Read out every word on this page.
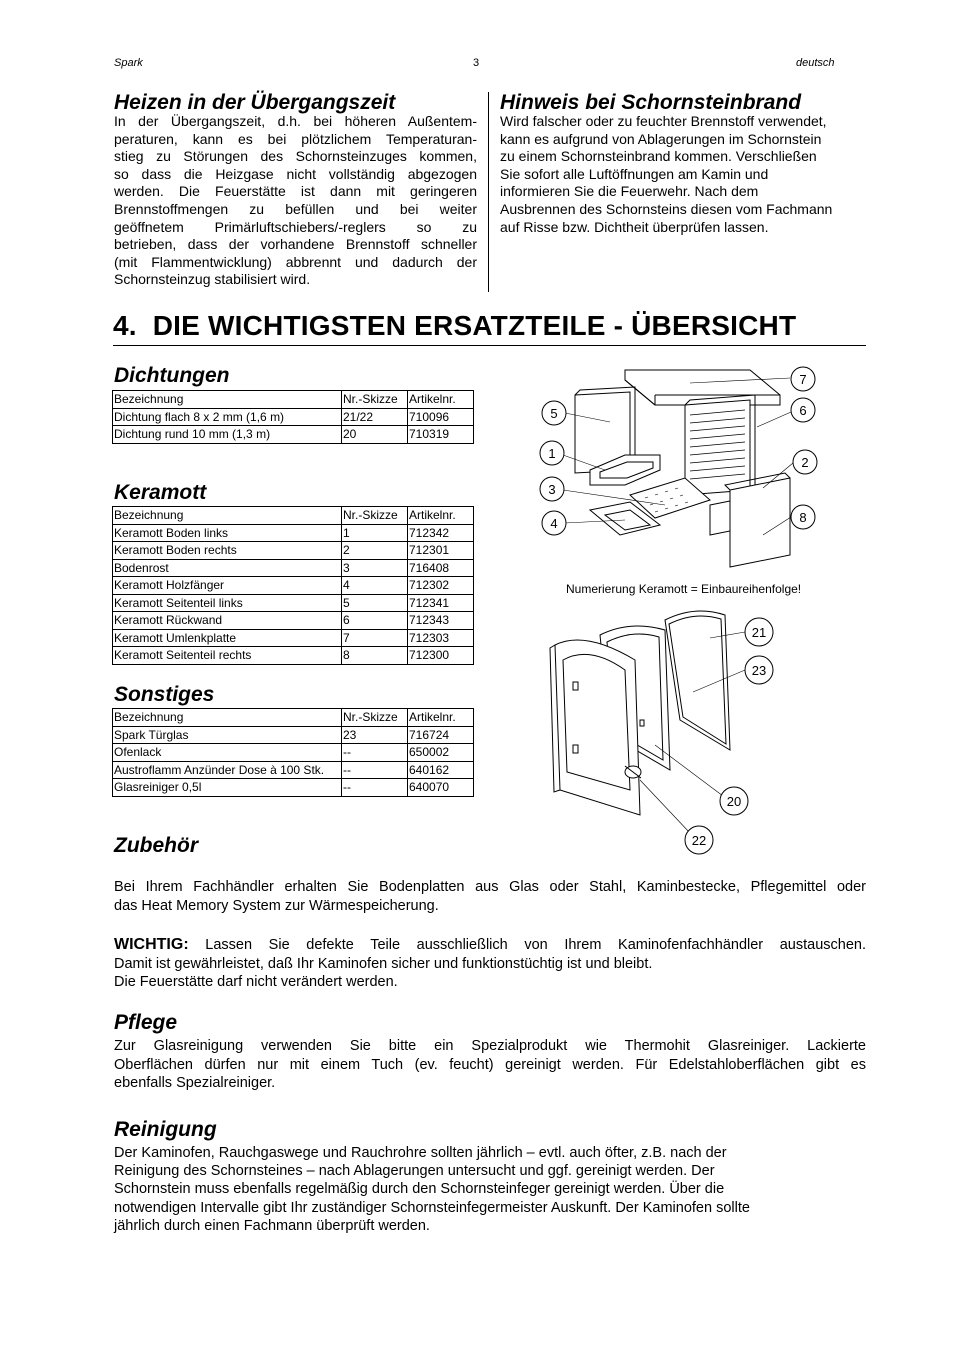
Spark	3	deutsch
Heizen in der Übergangszeit
In der Übergangszeit, d.h. bei höheren Außentem-
peraturen, kann es bei plötzlichem Temperaturan-
stieg zu Störungen des Schornsteinzuges kommen,
so dass die Heizgase nicht vollständig abgezogen
werden. Die Feuerstätte ist dann mit geringeren
Brennstoffmengen zu befüllen und bei weiter
geöffnetem Primärluftschiebers/-reglers so zu
betrieben, dass der vorhandene Brennstoff schneller
(mit Flammentwicklung) abbrennt und dadurch der
Schornsteinzug stabilisiert wird.
Hinweis bei Schornsteinbrand
Wird falscher oder zu feuchter Brennstoff verwendet,
kann es aufgrund von Ablagerungen im Schornstein
zu einem Schornsteinbrand kommen. Verschließen
Sie sofort alle Luftöffnungen am Kamin und
informieren Sie die Feuerwehr. Nach dem
Ausbrennen des Schornsteins diesen vom Fachmann
auf Risse bzw. Dichtheit überprüfen lassen.
4. DIE WICHTIGSTEN ERSATZTEILE - ÜBERSICHT
Dichtungen
Bezeichnung	Nr.-Skizze	Artikelnr.
Dichtung flach 8 x 2 mm (1,6 m)	21/22	710096
Dichtung rund 10 mm (1,3 m)	20	710319
Keramott
Bezeichnung	Nr.-Skizze	Artikelnr.
Keramott Boden links	1	712342
Keramott Boden rechts	2	712301
Bodenrost	3	716408
Keramott Holzfänger	4	712302
Keramott Seitenteil links	5	712341
Keramott Rückwand	6	712343
Keramott Umlenkplatte	7	712303
Keramott Seitenteil rechts	8	712300
Sonstiges
Bezeichnung	Nr.-Skizze	Artikelnr.
Spark Türglas	23	716724
Ofenlack	--	650002
Austroflamm Anzünder Dose à 100 Stk.	--	640162
Glasreiniger 0,5l	--	640070
7
5	6
1
2
3
8
4
Numerierung Keramott = Einbaureihenfolge!
21
23
20
22
Zubehör
Bei Ihrem Fachhändler erhalten Sie Bodenplatten aus Glas oder Stahl, Kaminbestecke, Pflegemittel oder
das Heat Memory System zur Wärmespeicherung.
WICHTIG: Lassen Sie defekte Teile ausschließlich von Ihrem Kaminofenfachhändler austauschen.
Damit ist gewährleistet, daß Ihr Kaminofen sicher und funktionstüchtig ist und bleibt.
Die Feuerstätte darf nicht verändert werden.
Pflege
Zur Glasreinigung verwenden Sie bitte ein Spezialprodukt wie Thermohit Glasreiniger. Lackierte
Oberflächen dürfen nur mit einem Tuch (ev. feucht) gereinigt werden. Für Edelstahloberflächen gibt es
ebenfalls Spezialreiniger.
Reinigung
Der Kaminofen, Rauchgaswege und Rauchrohre sollten jährlich – evtl. auch öfter, z.B. nach der
Reinigung des Schornsteines – nach Ablagerungen untersucht und ggf. gereinigt werden. Der
Schornstein muss ebenfalls regelmäßig durch den Schornsteinfeger gereinigt werden. Über die
notwendigen Intervalle gibt Ihr zuständiger Schornsteinfegermeister Auskunft. Der Kaminofen sollte
jährlich durch einen Fachmann überprüft werden.
